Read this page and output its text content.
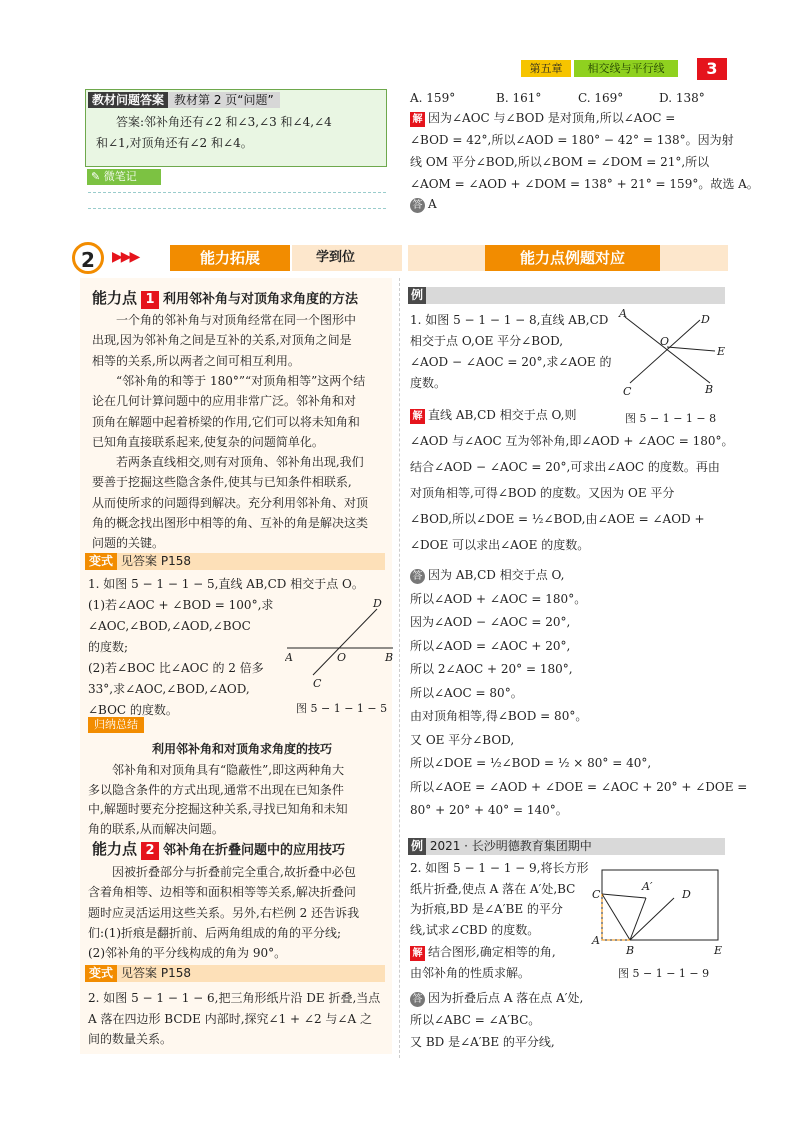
第五章	相交线与平行线	3
教材问题答案 教材第 2 页“问题”
答案:邻补角还有∠2 和∠3,∠3 和∠4,∠4
和∠1,对顶角还有∠2 和∠4。
✎ 微笔记
A. 159°	B. 161°	C. 169°	D. 138°
解 因为∠AOC 与∠BOD 是对顶角,所以∠AOC =
∠BOD = 42°,所以∠AOD = 180° − 42° = 138°。因为射
线 OM 平分∠BOD,所以∠BOM = ∠DOM = 21°,所以
∠AOM = ∠AOD + ∠DOM = 138° + 21° = 159°。故选 A。
答 A
2	▶▶▶	能力拓展	学到位	能力点例题对应
能力点 1 利用邻补角与对顶角求角度的方法
一个角的邻补角与对顶角经常在同一个图形中
出现,因为邻补角之间是互补的关系,对顶角之间是
相等的关系,所以两者之间可相互利用。
“邻补角的和等于 180°”“对顶角相等”这两个结
论在几何计算问题中的应用非常广泛。邻补角和对
顶角在解题中起着桥梁的作用,它们可以将未知角和
已知角直接联系起来,使复杂的问题简单化。
若两条直线相交,则有对顶角、邻补角出现,我们
要善于挖掘这些隐含条件,使其与已知条件相联系,
从而使所求的问题得到解决。充分利用邻补角、对顶
角的概念找出图形中相等的角、互补的角是解决这类
问题的关键。
变式 见答案 P158
1. 如图 5 − 1 − 1 − 5,直线 AB,CD 相交于点 O。
(1)若∠AOC + ∠BOD = 100°,求
∠AOC,∠BOD,∠AOD,∠BOC
的度数;
(2)若∠BOC 比∠AOC 的 2 倍多
33°,求∠AOC,∠BOD,∠AOD,
∠BOC 的度数。
D
A	O	B
C
图 5 − 1 − 1 − 5
归纳总结
利用邻补角和对顶角求角度的技巧
邻补角和对顶角具有“隐蔽性”,即这两种角大
多以隐含条件的方式出现,通常不出现在已知条件
中,解题时要充分挖掘这种关系,寻找已知角和未知
角的联系,从而解决问题。
能力点 2 邻补角在折叠问题中的应用技巧
因被折叠部分与折叠前完全重合,故折叠中必包
含着角相等、边相等和面积相等等关系,解决折叠问
题时应灵活运用这些关系。另外,右栏例 2 还告诉我
们:(1)折痕是翻折前、后两角组成的角的平分线;
(2)邻补角的平分线构成的角为 90°。
变式 见答案 P158
2. 如图 5 − 1 − 1 − 6,把三角形纸片沿 DE 折叠,当点
A 落在四边形 BCDE 内部时,探究∠1 + ∠2 与∠A 之
间的数量关系。
例
1. 如图 5 − 1 − 1 − 8,直线 AB,CD
相交于点 O,OE 平分∠BOD,
∠AOD − ∠AOC = 20°,求∠AOE 的
度数。
A	D
E
O
C	B
图 5 − 1 − 1 − 8
解 直线 AB,CD 相交于点 O,则
∠AOD 与∠AOC 互为邻补角,即∠AOD + ∠AOC = 180°。
结合∠AOD − ∠AOC = 20°,可求出∠AOC 的度数。再由
对顶角相等,可得∠BOD 的度数。又因为 OE 平分
∠BOD,所以∠DOE = ½∠BOD,由∠AOE = ∠AOD +
∠DOE 可以求出∠AOE 的度数。
答 因为 AB,CD 相交于点 O,
所以∠AOD + ∠AOC = 180°。
因为∠AOD − ∠AOC = 20°,
所以∠AOD = ∠AOC + 20°,
所以 2∠AOC + 20° = 180°,
所以∠AOC = 80°。
由对顶角相等,得∠BOD = 80°。
又 OE 平分∠BOD,
所以∠DOE = ½∠BOD = ½ × 80° = 40°,
所以∠AOE = ∠AOD + ∠DOE = ∠AOC + 20° + ∠DOE =
80° + 20° + 40° = 140°。
例 2021 · 长沙明德教育集团期中
2. 如图 5 − 1 − 1 − 9,将长方形
纸片折叠,使点 A 落在 A′处,BC
为折痕,BD 是∠A′BE 的平分
线,试求∠CBD 的度数。
C
A′
D
A
B	E
解 结合图形,确定相等的角,
由邻补角的性质求解。	图 5 − 1 − 1 − 9
答 因为折叠后点 A 落在点 A′处,
所以∠ABC = ∠A′BC。
又 BD 是∠A′BE 的平分线,
